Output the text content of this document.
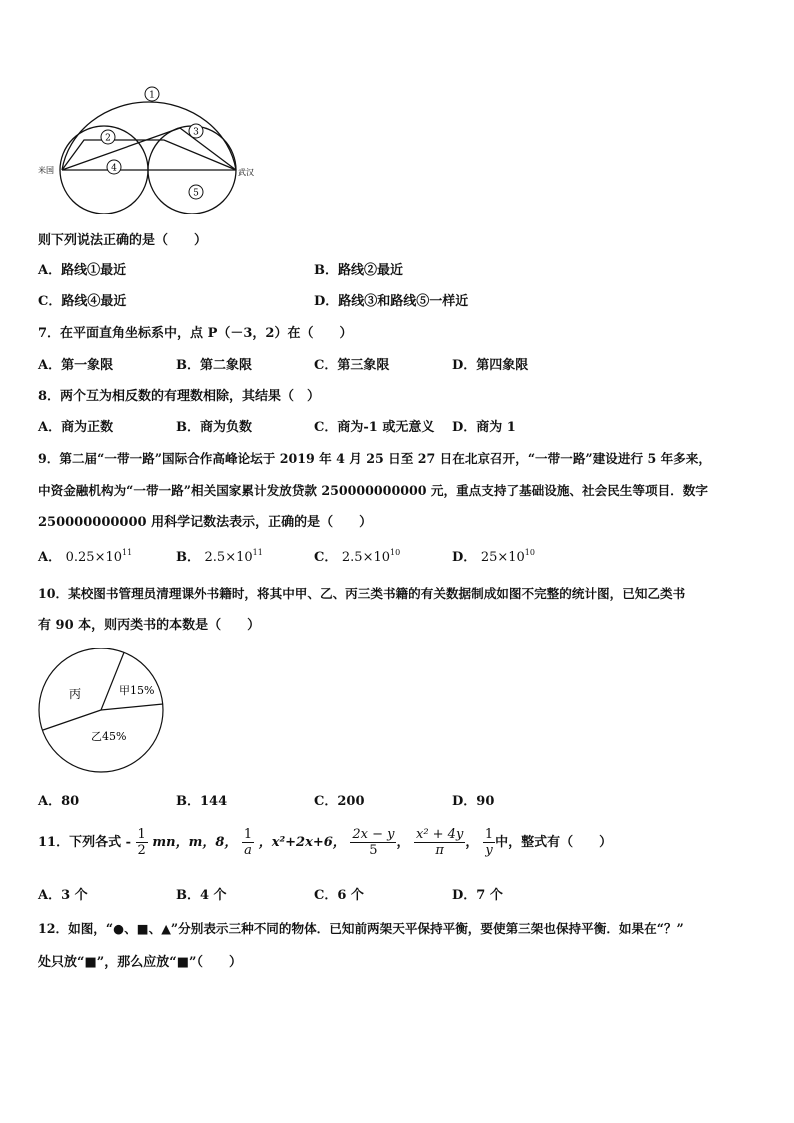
1
2
3
4
5
米国	武汉
则下列说法正确的是（　　）
A．路线①最近	B．路线②最近
C．路线④最近	D．路线③和路线⑤一样近
7．在平面直角坐标系中，点 P（－3，2）在（　　）
A．第一象限	B．第二象限	C．第三象限	D．第四象限
8．两个互为相反数的有理数相除，其结果（　）
A．商为正数	B．商为负数	C．商为-1 或无意义 D．商为 1
9．第二届“一带一路”国际合作高峰论坛于 2019 年 4 月 25 日至 27 日在北京召开，“一带一路”建设进行 5 年多来，
中资金融机构为“一带一路”相关国家累计发放贷款 250000000000 元，重点支持了基础设施、社会民生等项目．数字
250000000000 用科学记数法表示，正确的是（　　）
A． $0.25\times 10^{11}$	B． $2.5\times 10^{11}$	C． $2.5\times 10^{10}$	D． $25\times 10^{10}$
10．某校图书管理员清理课外书籍时，将其中甲、乙、丙三类书籍的有关数据制成如图不完整的统计图，已知乙类书
有 90 本，则丙类书的本数是（　　）
丙	甲15%
乙45%
A．80	B．144	C．200	D．90
11．下列各式 - $\frac{1}{2}$ mn，m，8， $\frac{1}{a}$ ，x²+2x+6， $\frac{2x - y}{5}$ ， $\frac{\text{x² + 4y}}{\pi}$ ， $\frac{1}{y}$ 中，整式有（　　）
A．3 个	B．4 个	C．6 个	D．7 个
12．如图，“●、■、▲”分别表示三种不同的物体．已知前两架天平保持平衡，要使第三架也保持平衡．如果在“？”
处只放“■”，那么应放“■”（　　）
